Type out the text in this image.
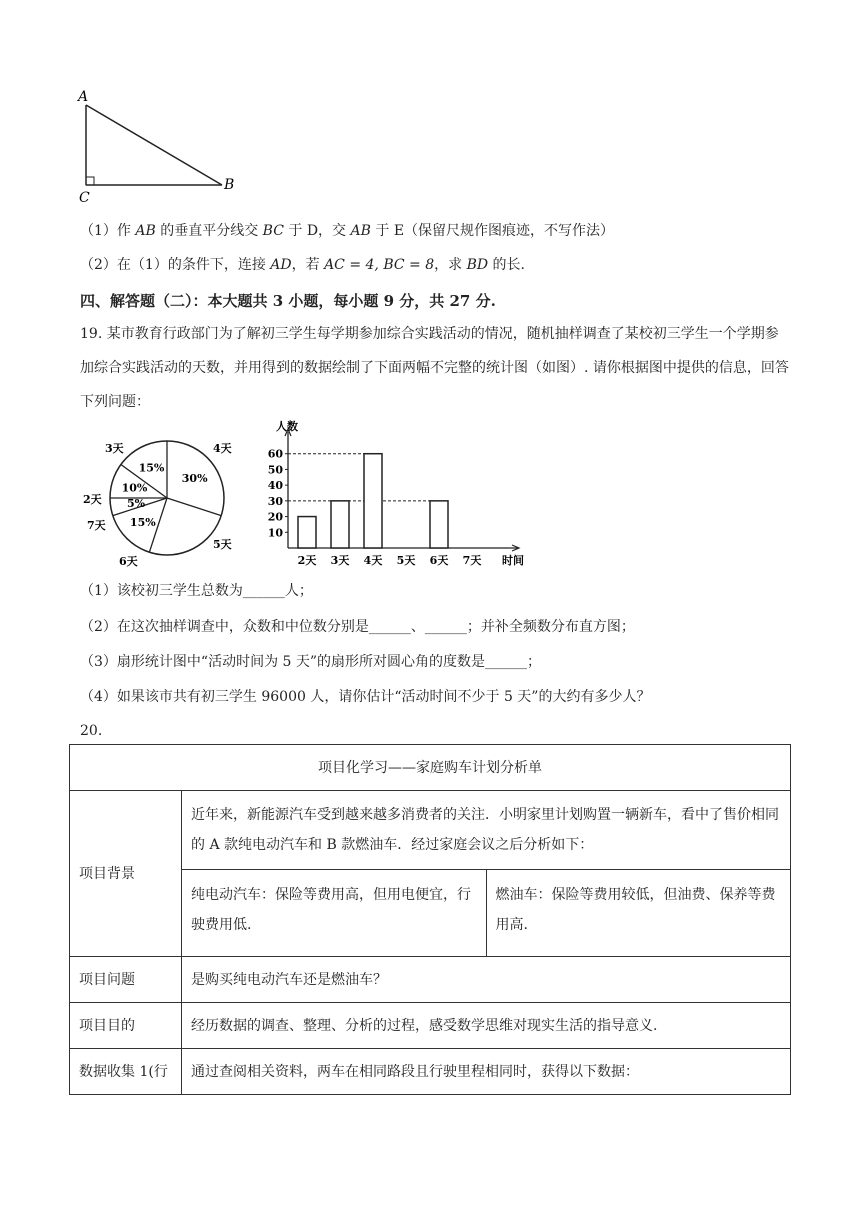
A
B
C
（1）作 AB 的垂直平分线交 BC 于 D，交 AB 于 E（保留尺规作图痕迹，不写作法）
（2）在（1）的条件下，连接 AD，若 AC = 4, BC = 8，求 BD 的长.
四、解答题（二）：本大题共 3 小题，每小题 9 分，共 27 分.
19. 某市教育行政部门为了解初三学生每学期参加综合实践活动的情况，随机抽样调查了某校初三学生一个学期参加综合实践活动的天数，并用得到的数据绘制了下面两幅不完整的统计图（如图）. 请你根据图中提供的信息，回答下列问题：
30%
4天
5天
15%
6天
5%
7天
10%
2天
15%
3天
人数
时间
10
20
30
40
50
60
2天 3天 4天 5天 6天 7天
（1）该校初三学生总数为______人；
（2）在这次抽样调查中，众数和中位数分别是______、______；并补全频数分布直方图；
（3）扇形统计图中“活动时间为 5 天”的扇形所对圆心角的度数是______；
（4）如果该市共有初三学生 96000 人，请你估计“活动时间不少于 5 天”的大约有多少人？
20.
项目化学习——家庭购车计划分析单
项目背景	近年来，新能源汽车受到越来越多消费者的关注．小明家里计划购置一辆新车，看中了售价相同的 A 款纯电动汽车和 B 款燃油车．经过家庭会议之后分析如下：

纯电动汽车：保险等费用高，但用电便宜，行驶费用低.	燃油车：保险等费用较低，但油费、保养等费用高.

项目问题	是购买纯电动汽车还是燃油车？
项目目的	经历数据的调查、整理、分析的过程，感受数学思维对现实生活的指导意义.
数据收集 1(行	通过查阅相关资料，两车在相同路段且行驶里程相同时，获得以下数据：
